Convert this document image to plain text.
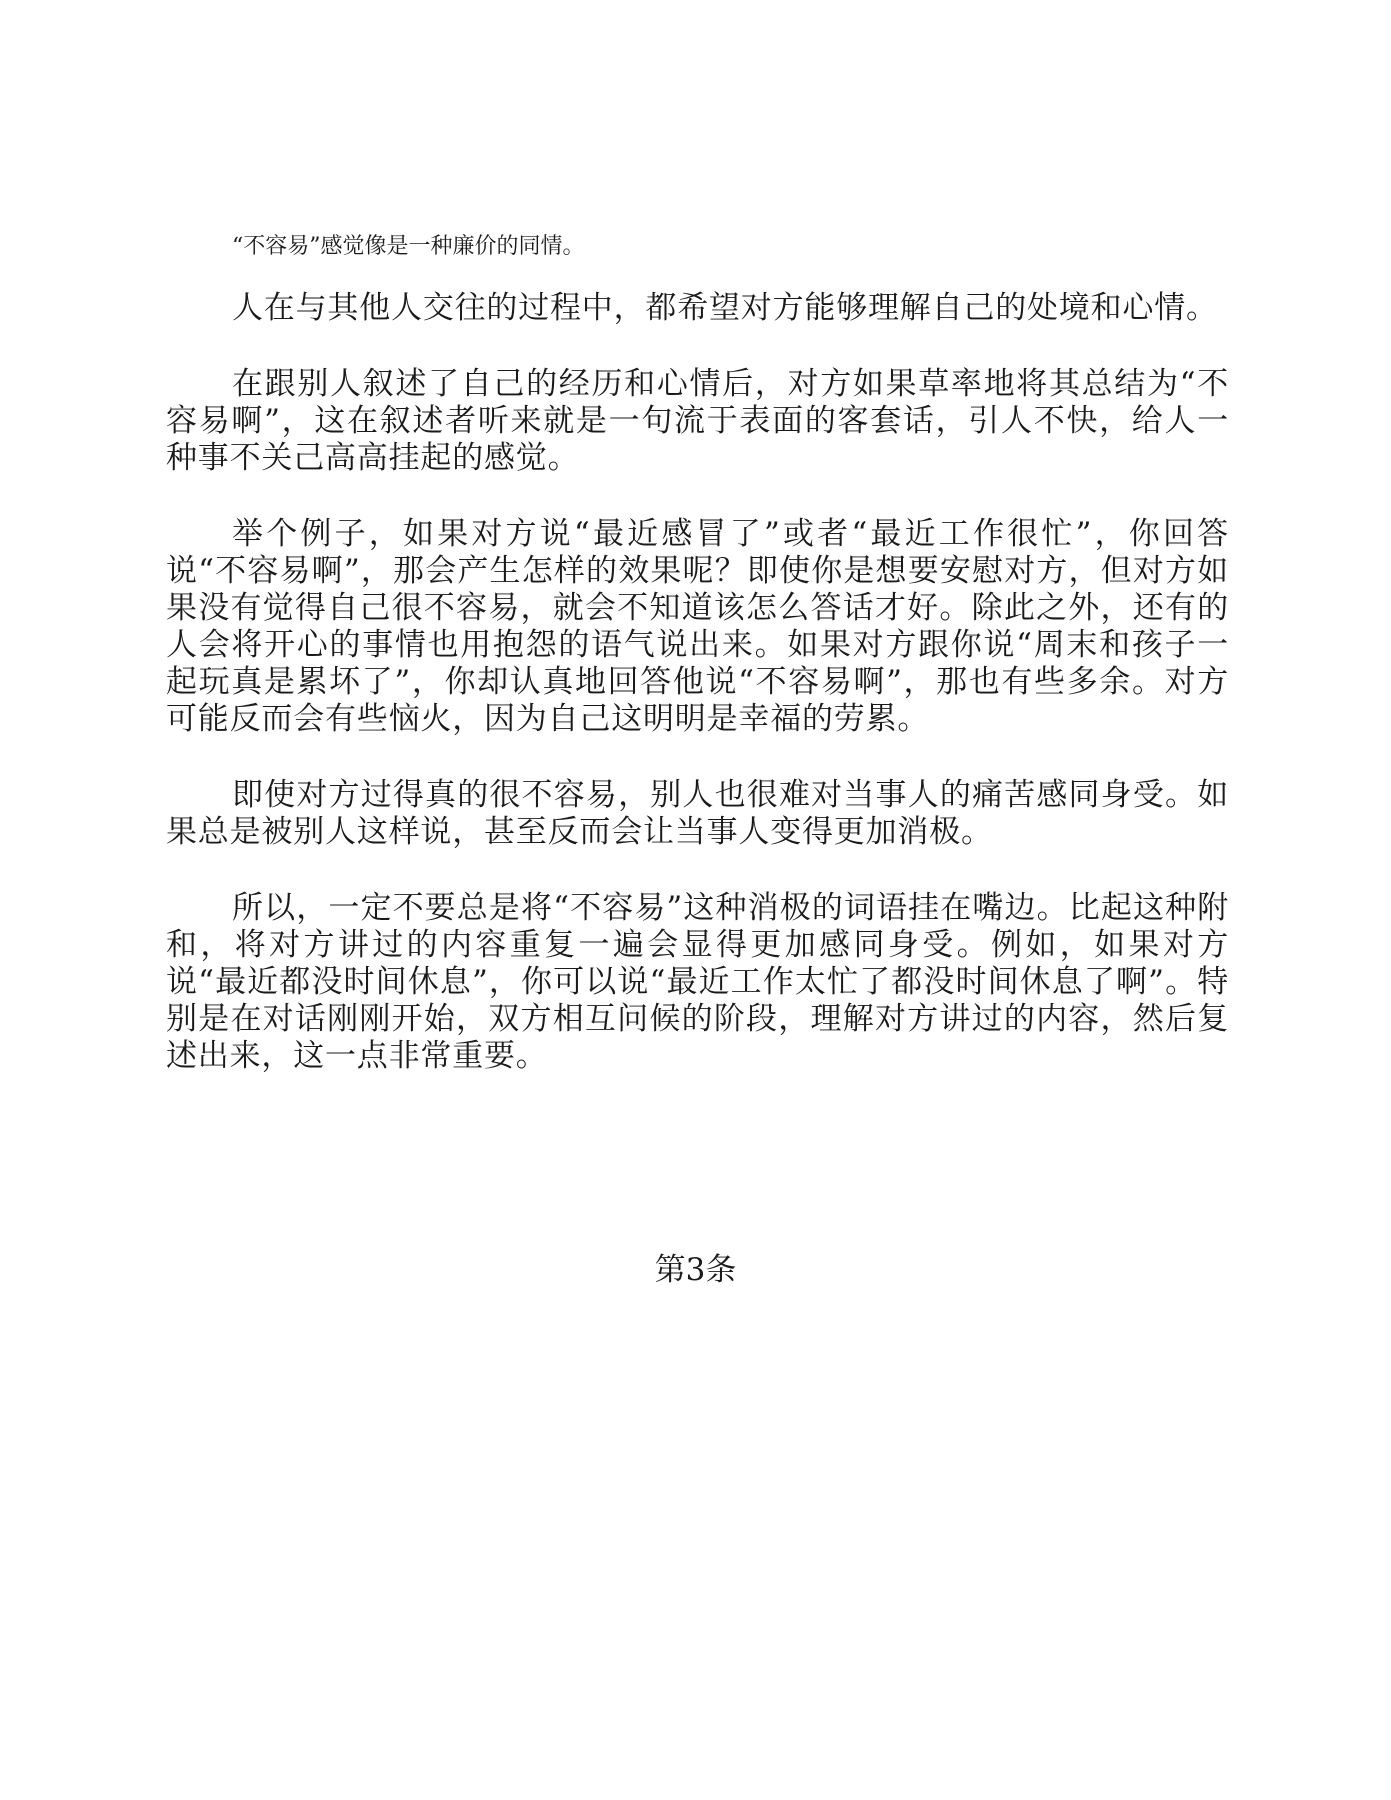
“不容易”感觉像是一种廉价的同情。

人在与其他人交往的过程中，都希望对方能够理解自己的处境和心情。

在跟别人叙述了自己的经历和心情后，对方如果草率地将其总结为“不容易啊”，这在叙述者听来就是一句流于表面的客套话，引人不快，给人一种事不关己高高挂起的感觉。

举个例子，如果对方说“最近感冒了”或者“最近工作很忙”，你回答说“不容易啊”，那会产生怎样的效果呢？即使你是想要安慰对方，但对方如果没有觉得自己很不容易，就会不知道该怎么答话才好。除此之外，还有的人会将开心的事情也用抱怨的语气说出来。如果对方跟你说“周末和孩子一起玩真是累坏了”，你却认真地回答他说“不容易啊”，那也有些多余。对方可能反而会有些恼火，因为自己这明明是幸福的劳累。

即使对方过得真的很不容易，别人也很难对当事人的痛苦感同身受。如果总是被别人这样说，甚至反而会让当事人变得更加消极。

所以，一定不要总是将“不容易”这种消极的词语挂在嘴边。比起这种附和，将对方讲过的内容重复一遍会显得更加感同身受。例如，如果对方说“最近都没时间休息”，你可以说“最近工作太忙了都没时间休息了啊”。特别是在对话刚刚开始，双方相互问候的阶段，理解对方讲过的内容，然后复述出来，这一点非常重要。

第3条
